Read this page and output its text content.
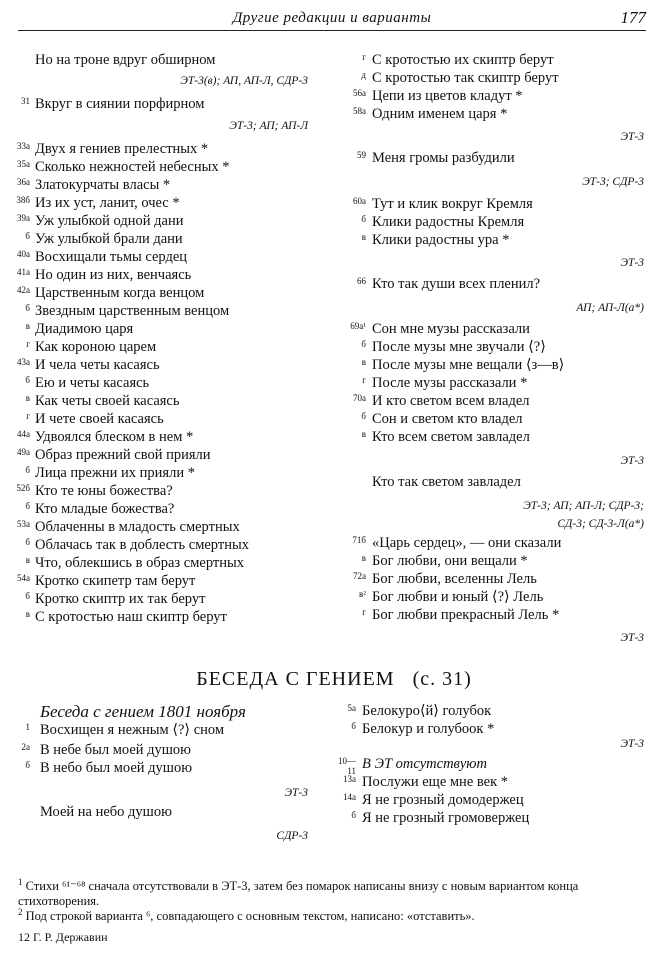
Другие редакции и варианты	177
Но на троне вдруг обширном
ЭТ-3(в); АП, АП-Л, СДР-3
31 Вкруг в сиянии порфирном
ЭТ-3; АП; АП-Л
33а Двух я гениев прелестных *
35а Сколько нежностей небесных *
36а Златокурчаты власы *
38б Из их уст, ланит, очес *
39а Уж улыбкой одной дани
б Уж улыбкой брали дани
40а Восхищали тьмы сердец
41а Но один из них, венчаясь
42а Царственным когда венцом
б Звездным царственным венцом
в Диадимою царя
г Как короною царем
43а И чела четы касаясь
б Ею и четы касаясь
в Как четы своей касаясь
г И чете своей касаясь
44а Удвоялся блеском в нем *
49а Образ прежний свой прияли
б Лица прежни их прияли *
52б Кто те юны божества?
б Кто младые божества?
53а Облаченны в младость смертных
б Облачась так в доблесть смертных
в Что, облекшись в образ смертных
54а Кротко скипетр там берут
б Кротко скиптр их так берут
в С кротостью наш скиптр берут
г С кротостью их скиптр берут
д С кротостью так скиптр берут
56а Цепи из цветов кладут *
58а Одним именем царя *
ЭТ-3
59 Меня громы разбудили
ЭТ-3; СДР-3
60а Тут и клик вокруг Кремля
б Клики радостны Кремля
в Клики радостны ура *
ЭТ-3
66 Кто так души всех пленил?
АП; АП-Л(а*)
69а¹ Сон мне музы рассказали
б После музы мне звучали ⟨?⟩
в После музы мне вещали ⟨з—в⟩
г После музы рассказали *
70а И кто светом всем владел
б Сон и светом кто владел
в Кто всем светом завладел
ЭТ-3
Кто так светом завладел
ЭТ-3; АП; АП-Л; СДР-3;
СД-3; СД-3-Л(а*)
71б «Царь сердец», — они сказали
в Бог любви, они вещали *
72а Бог любви, вселенны Лель
в² Бог любви и юный ⟨?⟩ Лель
г Бог любви прекрасный Лель *
ЭТ-3
БЕСЕДА С ГЕНИЕМ   (с. 31)
Беседа с гением 1801 ноября
1 Восхищен я нежным ⟨?⟩ сном
2а В небе был моей душою
б В небо был моей душою
ЭТ-3
Моей на небо душою
СДР-3
5а Белокуро⟨й⟩ голубок
б Белокур и голубоок *
ЭТ-3
10—11 В ЭТ отсутствуют
13а Послужи еще мне век *
14а Я не грозный домодержец
б Я не грозный громовержец
$^1$ Стихи ⁶¹⁻⁶⁸ сначала отсутствовали в ЭТ-3, затем без помарок написаны внизу с новым вариантом конца стихотворения.
$^2$ Под строкой варианта ⁶, совпадающего с основным текстом, написано: «отставить».
12 Г. Р. Державин
